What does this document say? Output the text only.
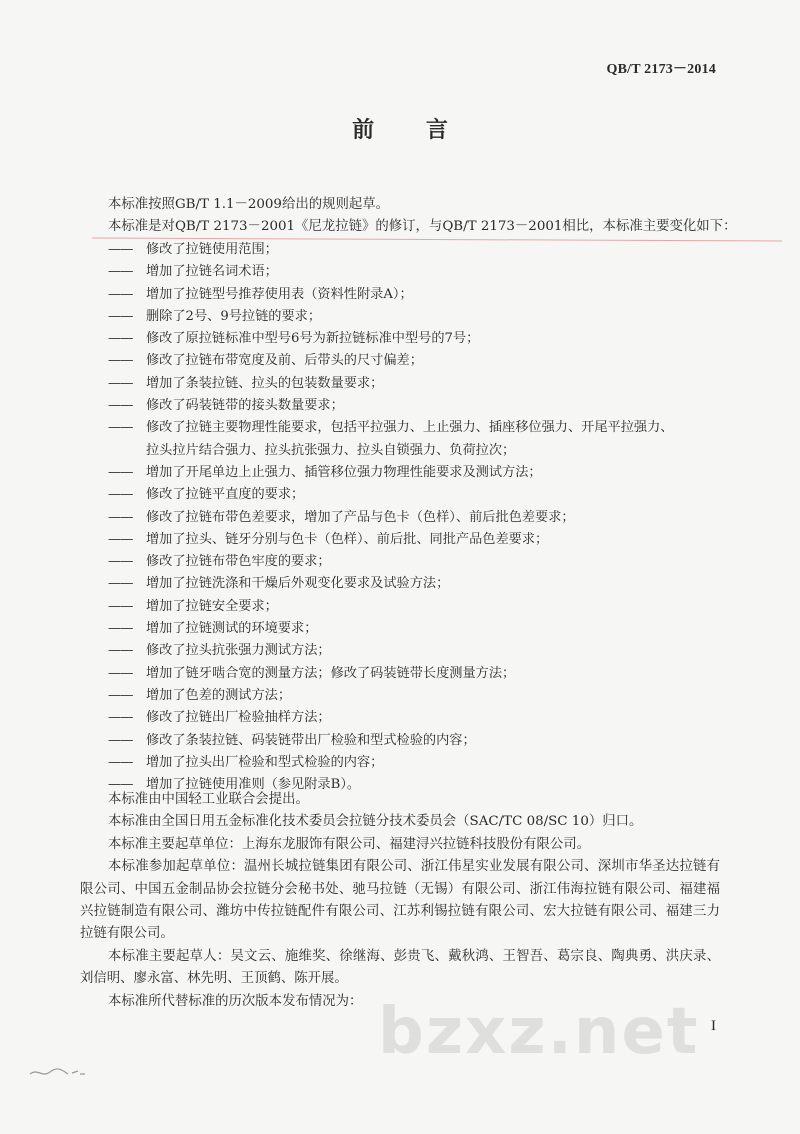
QB/T 2173－2014
前 言
本标准按照GB/T 1.1－2009给出的规则起草。
本标准是对QB/T 2173－2001《尼龙拉链》的修订，与QB/T 2173－2001相比，本标准主要变化如下：
——	修改了拉链使用范围；
——	增加了拉链名词术语；
——	增加了拉链型号推荐使用表（资料性附录A）；
——	删除了2号、9号拉链的要求；
——	修改了原拉链标准中型号6号为新拉链标准中型号的7号；
——	修改了拉链布带宽度及前、后带头的尺寸偏差；
——	增加了条装拉链、拉头的包装数量要求；
——	修改了码装链带的接头数量要求；
——	修改了拉链主要物理性能要求，包括平拉强力、上止强力、插座移位强力、开尾平拉强力、
拉头拉片结合强力、拉头抗张强力、拉头自锁强力、负荷拉次；
——	增加了开尾单边上止强力、插管移位强力物理性能要求及测试方法；
——	修改了拉链平直度的要求；
——	修改了拉链布带色差要求，增加了产品与色卡（色样）、前后批色差要求；
——	增加了拉头、链牙分别与色卡（色样）、前后批、同批产品色差要求；
——	修改了拉链布带色牢度的要求；
——	增加了拉链洗涤和干燥后外观变化要求及试验方法；
——	增加了拉链安全要求；
——	增加了拉链测试的环境要求；
——	修改了拉头抗张强力测试方法；
——	增加了链牙啮合宽的测量方法；修改了码装链带长度测量方法；
——	增加了色差的测试方法；
——	修改了拉链出厂检验抽样方法；
——	修改了条装拉链、码装链带出厂检验和型式检验的内容；
——	增加了拉头出厂检验和型式检验的内容；
——	增加了拉链使用准则（参见附录B）。
本标准由中国轻工业联合会提出。
本标准由全国日用五金标准化技术委员会拉链分技术委员会（SAC/TC 08/SC 10）归口。
本标准主要起草单位：上海东龙服饰有限公司、福建浔兴拉链科技股份有限公司。
本标准参加起草单位：温州长城拉链集团有限公司、浙江伟星实业发展有限公司、深圳市华圣达拉链有限公司、中国五金制品协会拉链分会秘书处、驰马拉链（无锡）有限公司、浙江伟海拉链有限公司、福建福兴拉链制造有限公司、潍坊中传拉链配件有限公司、江苏利锡拉链有限公司、宏大拉链有限公司、福建三力拉链有限公司。
本标准主要起草人：吴文云、施维奖、徐继海、彭贵飞、戴秋鸿、王智吾、葛宗良、陶典勇、洪庆录、刘信明、廖永富、林先明、王顶鹤、陈开展。
本标准所代替标准的历次版本发布情况为： bzxz.net I
